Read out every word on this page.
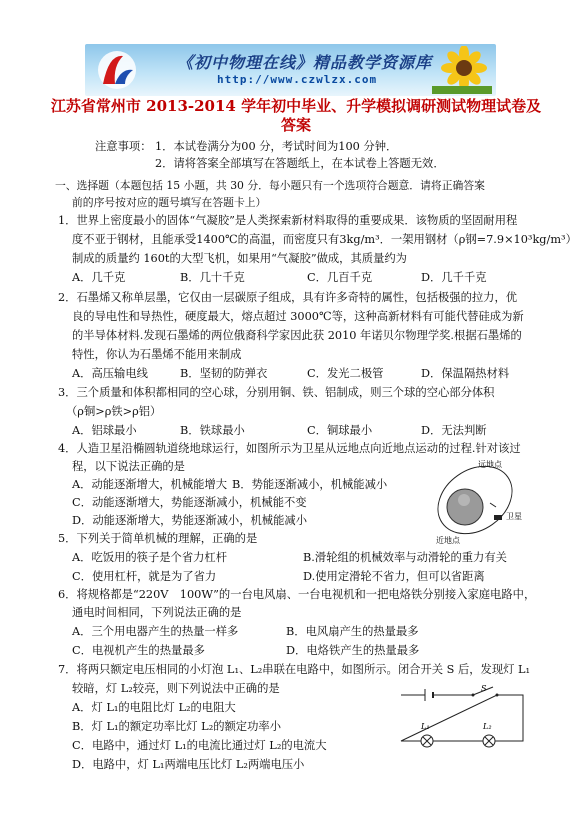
《初中物理在线》精品教学资源库
http://www.czwlzx.com
江苏省常州市 2013-2014 学年初中毕业、升学模拟调研测试物理试卷及
答案
注意事项： 1．本试卷满分为00 分，考试时间为100 分钟．
2．请将答案全部填写在答题纸上，在本试卷上答题无效．
一、选择题（本题包括 15 小题，共 30 分．每小题只有一个选项符合题意．请将正确答案
前的序号按对应的题号填写在答题卡上）
1．世界上密度最小的固体“气凝胶”是人类探索新材料取得的重要成果．该物质的坚固耐用程
度不亚于钢材，且能承受1400℃的高温，而密度只有3kg/m³．一架用钢材（ρ钢=7.9×10³kg/m³）
制成的质量约 160t的大型飞机，如果用“气凝胶”做成，其质量约为
A．几千克	B．几十千克	C．几百千克	D．几千千克
2．石墨烯又称单层墨，它仅由一层碳原子组成，具有许多奇特的属性，包括极强的拉力，优
良的导电性和导热性，硬度最大，熔点超过 3000℃等，这种高新材料有可能代替硅成为新
的半导体材料.发现石墨烯的两位俄裔科学家因此获 2010 年诺贝尔物理学奖.根据石墨烯的
特性，你认为石墨烯不能用来制成
A．高压输电线	B．坚韧的防弹衣	C．发光二极管	D．保温隔热材料
3．三个质量和体积都相同的空心球，分别用铜、铁、铝制成，则三个球的空心部分体积
（ρ铜>ρ铁>ρ铝）
A．铝球最小	B．铁球最小	C．铜球最小	D．无法判断
4．人造卫星沿椭圆轨道绕地球运行，如图所示为卫星从远地点向近地点运动的过程.针对该过
程，以下说法正确的是
A．动能逐渐增大，机械能增大 B．势能逐渐减小，机械能减小
C．动能逐渐增大，势能逐渐减小，机械能不变
D．动能逐渐增大，势能逐渐减小，机械能减小
远地点
卫星
近地点
5．下列关于简单机械的理解，正确的是
A．吃饭用的筷子是个省力杠杆	B.滑轮组的机械效率与动滑轮的重力有关
C．使用杠杆，就是为了省力	D.使用定滑轮不省力，但可以省距离
6．将规格都是“220V　100W”的一台电风扇、一台电视机和一把电烙铁分别接入家庭电路中，
通电时间相同，下列说法正确的是
A．三个用电器产生的热量一样多	B．电风扇产生的热量最多
C．电视机产生的热量最多	D．电烙铁产生的热量最多
7．将两只额定电压相同的小灯泡 L₁、L₂串联在电路中，如图所示。闭合开关 S 后，发现灯 L₁
较暗，灯 L₂较亮，则下列说法中正确的是
A．灯 L₁的电阻比灯 L₂的电阻大
B．灯 L₁的额定功率比灯 L₂的额定功率小
C．电路中，通过灯 L₁的电流比通过灯 L₂的电流大
D．电路中，灯 L₁两端电压比灯 L₂两端电压小
S
L₁	L₂
